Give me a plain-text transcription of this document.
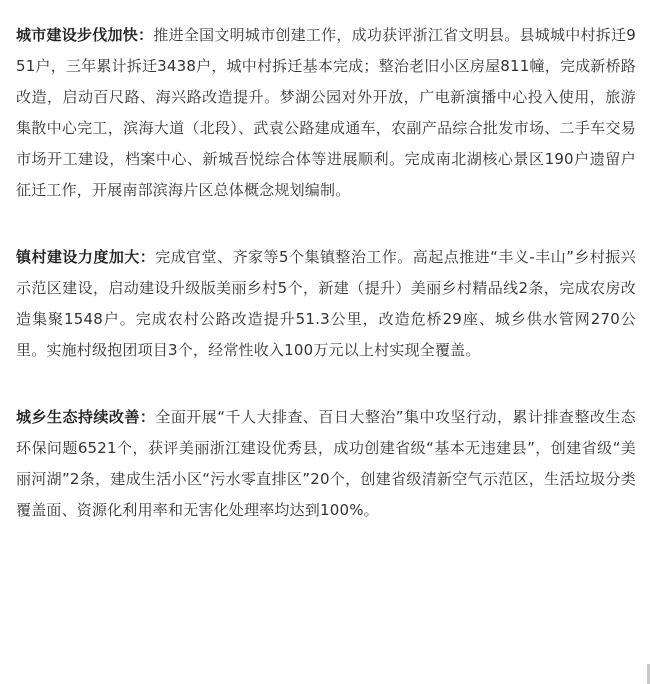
城市建设步伐加快：推进全国文明城市创建工作，成功获评浙江省文明县。县城城中村拆迁951户，三年累计拆迁3438户，城中村拆迁基本完成；整治老旧小区房屋811幢，完成新桥路改造，启动百尺路、海兴路改造提升。梦湖公园对外开放，广电新演播中心投入使用，旅游集散中心完工，滨海大道（北段）、武袁公路建成通车，农副产品综合批发市场、二手车交易市场开工建设，档案中心、新城吾悦综合体等进展顺利。完成南北湖核心景区190户遗留户征迁工作，开展南部滨海片区总体概念规划编制。

镇村建设力度加大：完成官堂、齐家等5个集镇整治工作。高起点推进“丰义-丰山”乡村振兴示范区建设，启动建设升级版美丽乡村5个，新建（提升）美丽乡村精品线2条，完成农房改造集聚1548户。完成农村公路改造提升51.3公里，改造危桥29座、城乡供水管网270公里。实施村级抱团项目3个，经常性收入100万元以上村实现全覆盖。

城乡生态持续改善：全面开展“千人大排查、百日大整治”集中攻坚行动，累计排查整改生态环保问题6521个，获评美丽浙江建设优秀县，成功创建省级“基本无违建县”，创建省级“美丽河湖”2条，建成生活小区“污水零直排区”20个，创建省级清新空气示范区，生活垃圾分类覆盖面、资源化利用率和无害化处理率均达到100%。
